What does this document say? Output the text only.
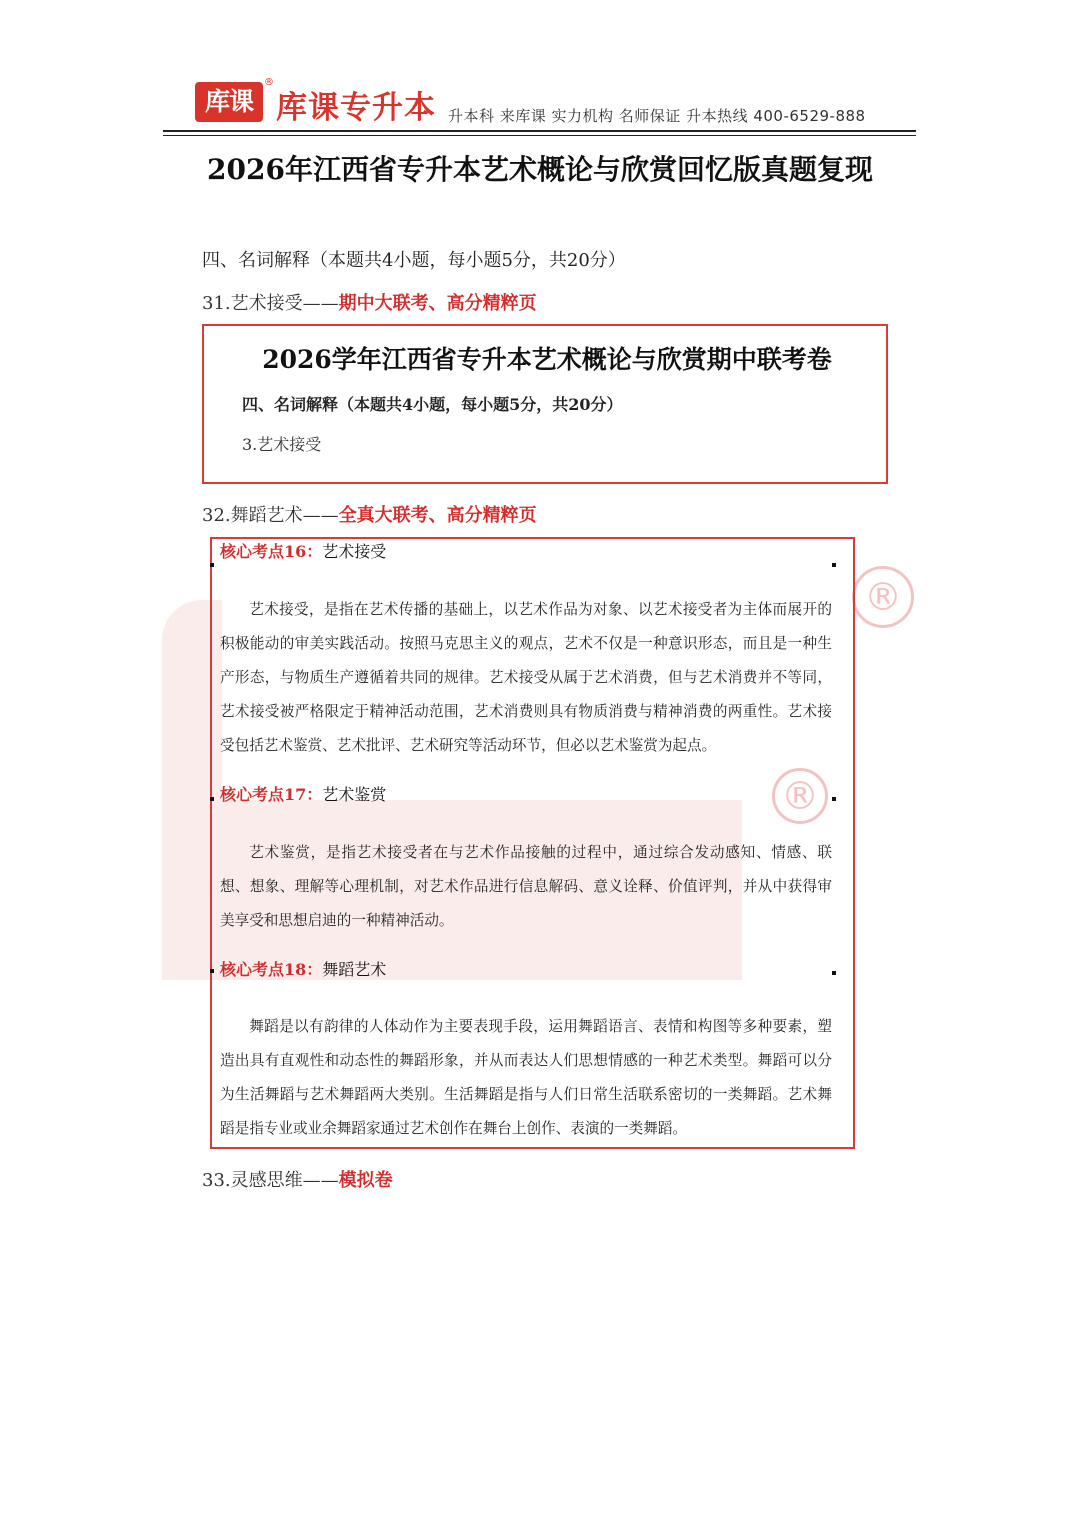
®
®
库课
®
库课专升本 升本科 来库课 实力机构 名师保证 升本热线 400-6529-888
2026年江西省专升本艺术概论与欣赏回忆版真题复现
四、名词解释（本题共4小题，每小题5分，共20分）
31.艺术接受——期中大联考、高分精粹页
2026学年江西省专升本艺术概论与欣赏期中联考卷
四、名词解释（本题共4小题，每小题5分，共20分）
3.艺术接受
32.舞蹈艺术——全真大联考、高分精粹页
核心考点16：艺术接受

艺术接受，是指在艺术传播的基础上，以艺术作品为对象、以艺术接受者为主体而展开的积极能动的审美实践活动。按照马克思主义的观点，艺术不仅是一种意识形态，而且是一种生产形态，与物质生产遵循着共同的规律。艺术接受从属于艺术消费，但与艺术消费并不等同，艺术接受被严格限定于精神活动范围，艺术消费则具有物质消费与精神消费的两重性。艺术接受包括艺术鉴赏、艺术批评、艺术研究等活动环节，但必以艺术鉴赏为起点。

核心考点17：艺术鉴赏

艺术鉴赏，是指艺术接受者在与艺术作品接触的过程中，通过综合发动感知、情感、联想、想象、理解等心理机制，对艺术作品进行信息解码、意义诠释、价值评判，并从中获得审美享受和思想启迪的一种精神活动。

核心考点18：舞蹈艺术

舞蹈是以有韵律的人体动作为主要表现手段，运用舞蹈语言、表情和构图等多种要素，塑造出具有直观性和动态性的舞蹈形象，并从而表达人们思想情感的一种艺术类型。舞蹈可以分为生活舞蹈与艺术舞蹈两大类别。生活舞蹈是指与人们日常生活联系密切的一类舞蹈。艺术舞蹈是指专业或业余舞蹈家通过艺术创作在舞台上创作、表演的一类舞蹈。

33.灵感思维——模拟卷
